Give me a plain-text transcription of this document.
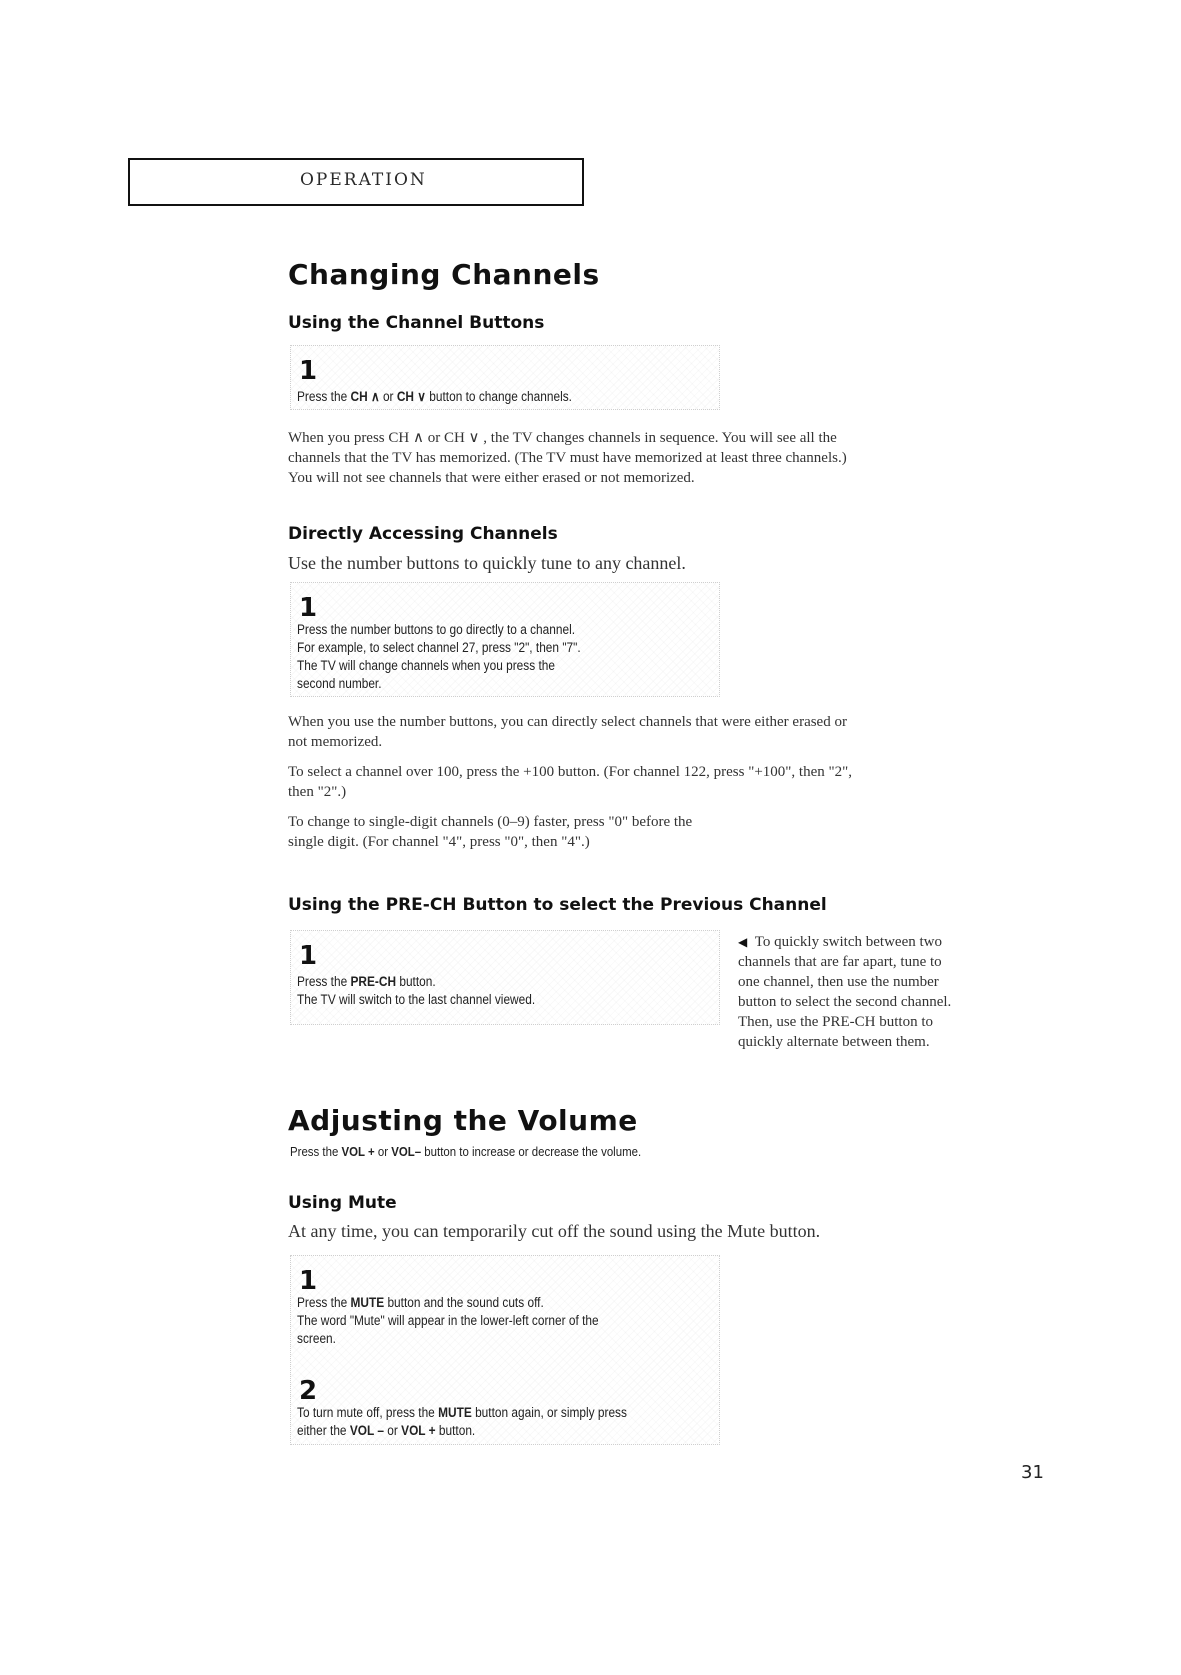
OPERATION
Changing Channels
Using the Channel Buttons
1
Press the CH ∧ or CH ∨ button to change channels.
When you press CH ∧ or CH ∨ , the TV changes channels in sequence. You will see all the
channels that the TV has memorized. (The TV must have memorized at least three channels.)
You will not see channels that were either erased or not memorized.
Directly Accessing Channels
Use the number buttons to quickly tune to any channel.
1
Press the number buttons to go directly to a channel.
For example, to select channel 27, press "2", then "7".
The TV will change channels when you press the
second number.
When you use the number buttons, you can directly select channels that were either erased or
not memorized.
To select a channel over 100, press the +100 button. (For channel 122, press "+100", then "2",
then "2".)
To change to single-digit channels (0–9) faster, press "0" before the
single digit. (For channel "4", press "0", then "4".)
Using the PRE-CH Button to select the Previous Channel
1
Press the PRE-CH button.
The TV will switch to the last channel viewed.
◀ To quickly switch between two
channels that are far apart, tune to
one channel, then use the number
button to select the second channel.
Then, use the PRE-CH button to
quickly alternate between them.
Adjusting the Volume
Press the VOL + or VOL– button to increase or decrease the volume.
Using Mute
At any time, you can temporarily cut off the sound using the Mute button.
1
Press the MUTE button and the sound cuts off.
The word "Mute" will appear in the lower-left corner of the
screen.
2
To turn mute off, press the MUTE button again, or simply press
either the VOL – or VOL + button.
31
